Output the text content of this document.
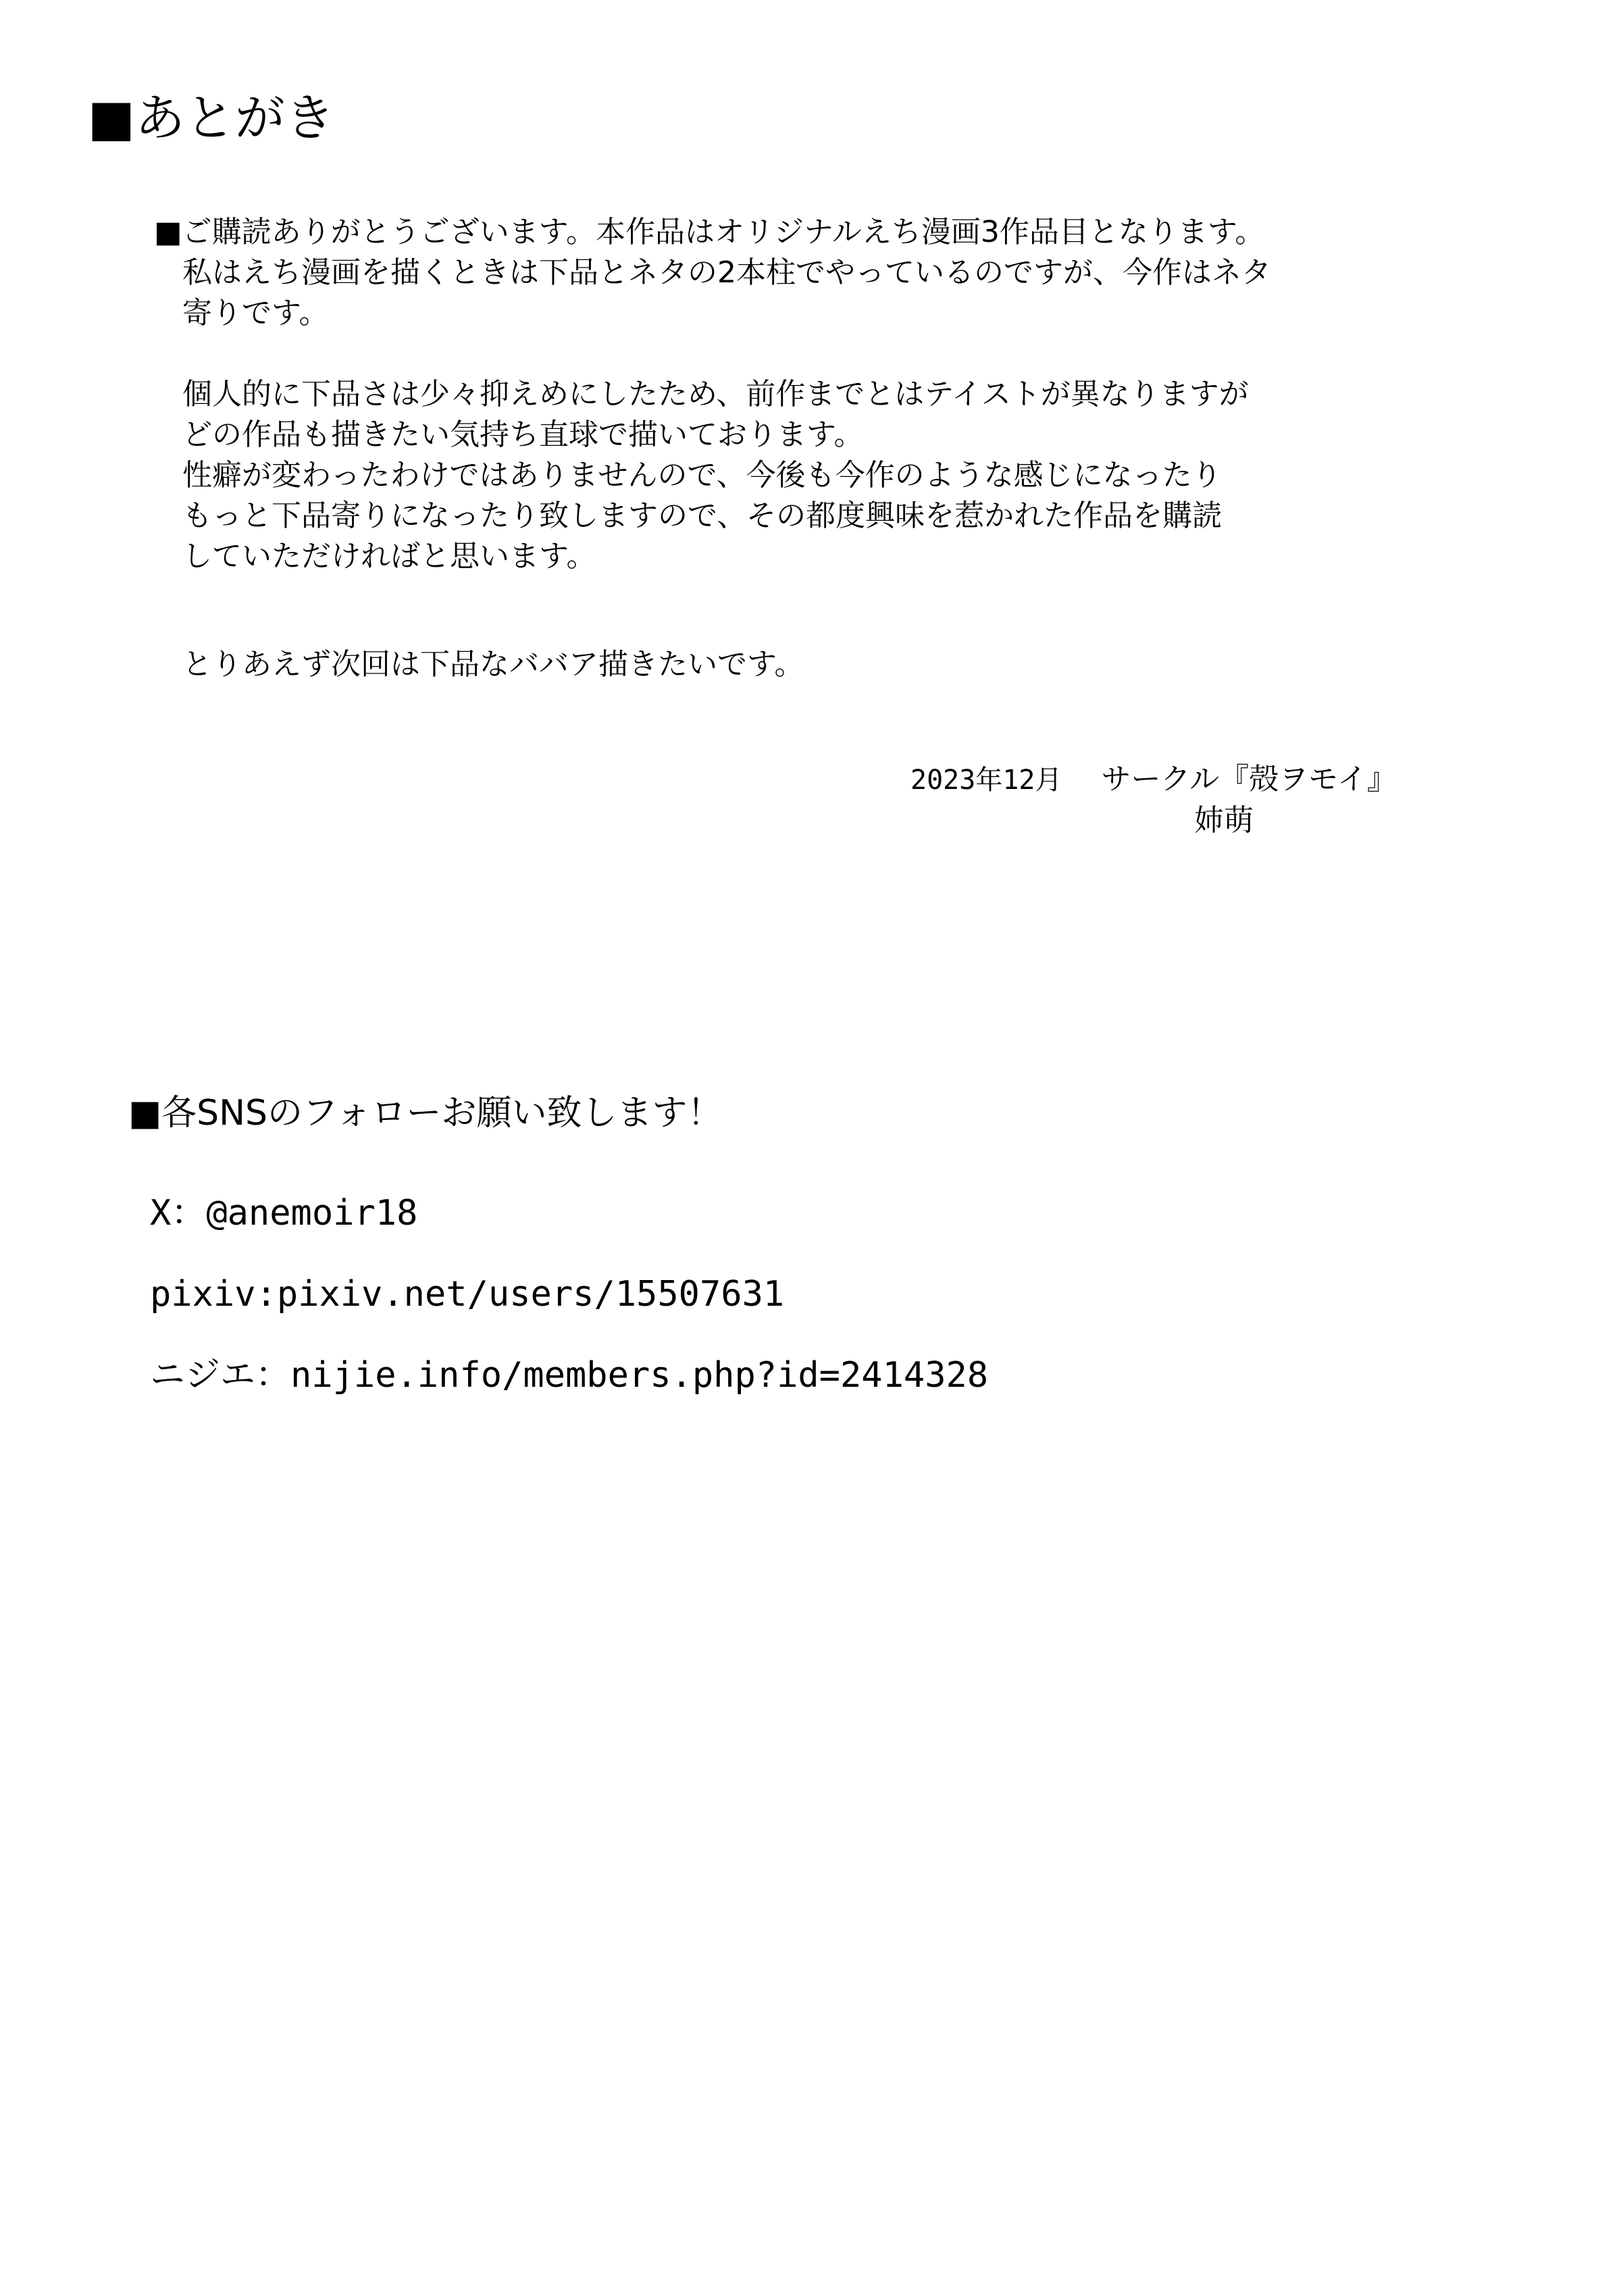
■あとがき
■ご購読ありがとうございます。本作品はオリジナルえち漫画3作品目となります。
私はえち漫画を描くときは下品とネタの2本柱でやっているのですが、今作はネタ
寄りです。
個人的に下品さは少々抑えめにしたため、前作までとはテイストが異なりますが
どの作品も描きたい気持ち直球で描いております。
性癖が変わったわけではありませんので、今後も今作のような感じになったり
もっと下品寄りになったり致しますので、その都度興味を惹かれた作品を購読
していただければと思います。
とりあえず次回は下品なババア描きたいです。
2023年12月 サークル『殻ヲモイ』
姉萌
■各SNSのフォローお願い致します！
X：@anemoir18
pixiv:pixiv.net/users/15507631
ニジエ：nijie.info/members.php?id=2414328
